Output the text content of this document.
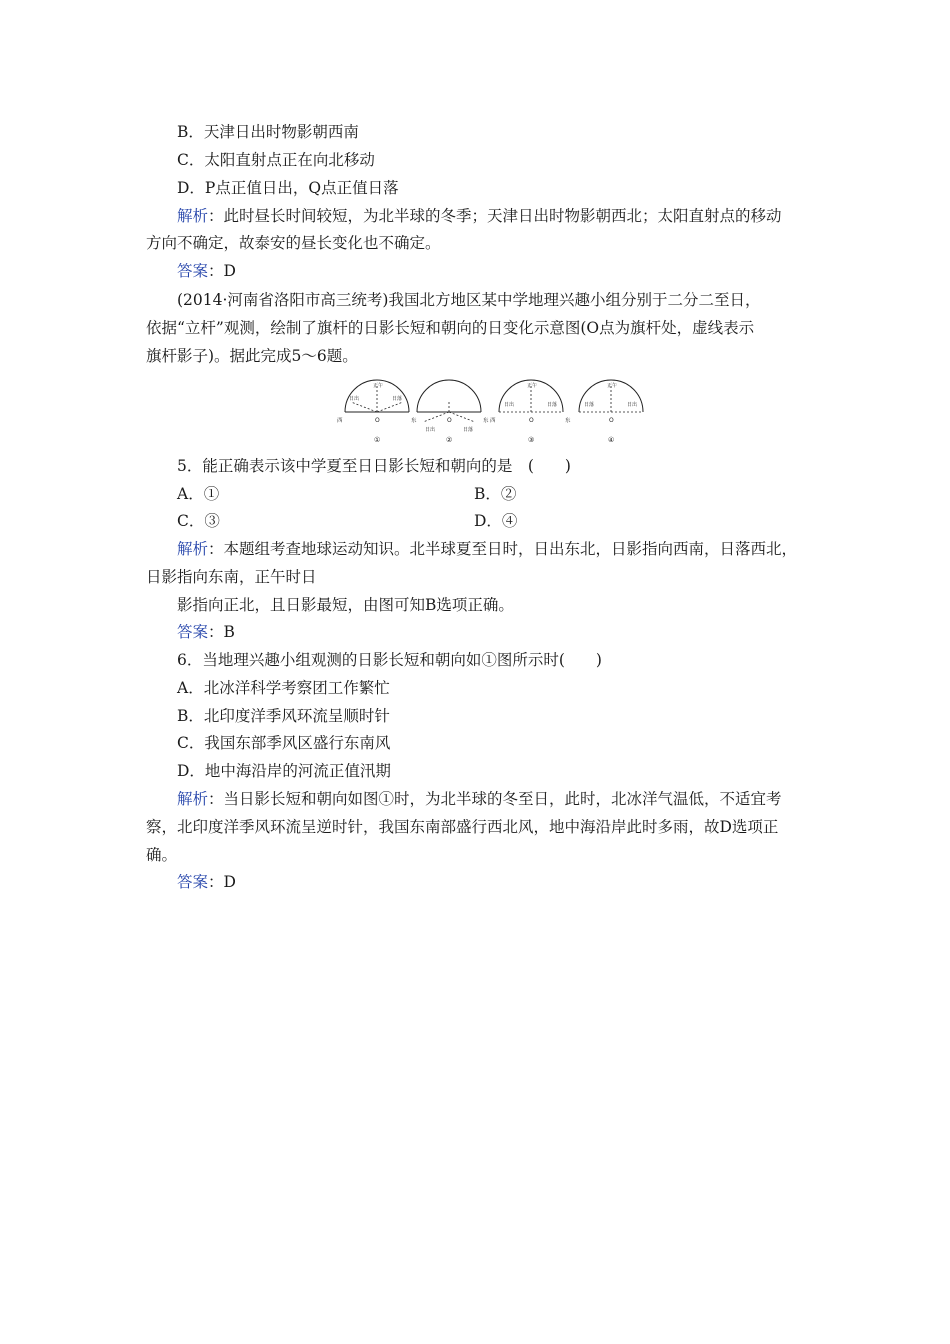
B．天津日出时物影朝西南
C．太阳直射点正在向北移动
D．P点正值日出，Q点正值日落
解析：此时昼长时间较短，为北半球的冬季；天津日出时物影朝西北；太阳直射点的移动
方向不确定，故泰安的昼长变化也不确定。
答案：D
(2014·河南省洛阳市高三统考)我国北方地区某中学地理兴趣小组分别于二分二至日，
依据“立杆”观测，绘制了旗杆的日影长短和朝向的日变化示意图(O点为旗杆处，虚线表示
旗杆影子)。据此完成5～6题。
正午
日出	日落
西	东
O
①
日出	日落
O	东
②
西
正午
日出	日落
O	东
③
正午
日落	日出
O
④
5．能正确表示该中学夏至日日影长短和朝向的是　(　　)
A．①	B．②
C．③	D．④
解析：本题组考查地球运动知识。北半球夏至日时，日出东北，日影指向西南，日落西北，
日影指向东南，正午时日
影指向正北，且日影最短，由图可知B选项正确。
答案：B
6．当地理兴趣小组观测的日影长短和朝向如①图所示时(　　)
A．北冰洋科学考察团工作繁忙
B．北印度洋季风环流呈顺时针
C．我国东部季风区盛行东南风
D．地中海沿岸的河流正值汛期
解析：当日影长短和朝向如图①时，为北半球的冬至日，此时，北冰洋气温低，不适宜考
察，北印度洋季风环流呈逆时针，我国东南部盛行西北风，地中海沿岸此时多雨，故D选项正
确。
答案：D
